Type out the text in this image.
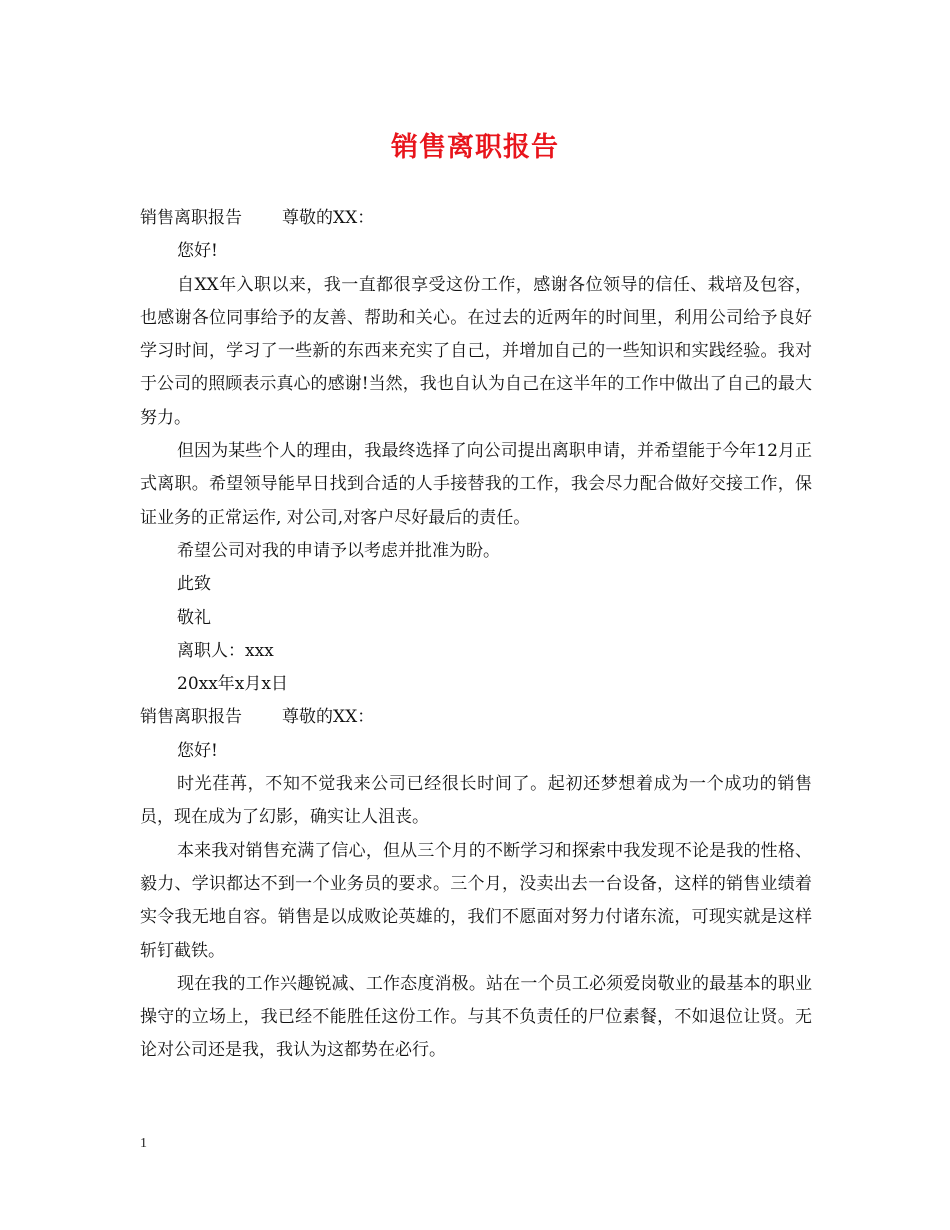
销售离职报告

销售离职报告 尊敬的XX：

您好!

自XX年入职以来，我一直都很享受这份工作，感谢各位领导的信任、栽培及包容，也感谢各位同事给予的友善、帮助和关心。在过去的近两年的时间里，利用公司给予良好学习时间，学习了一些新的东西来充实了自己，并增加自己的一些知识和实践经验。我对于公司的照顾表示真心的感谢!当然，我也自认为自己在这半年的工作中做出了自己的最大努力。

但因为某些个人的理由，我最终选择了向公司提出离职申请，并希望能于今年12月正式离职。希望领导能早日找到合适的人手接替我的工作，我会尽力配合做好交接工作，保证业务的正常运作, 对公司,对客户尽好最后的责任。

希望公司对我的申请予以考虑并批准为盼。

此致

敬礼

离职人：xxx

20xx年x月x日

销售离职报告 尊敬的XX：

您好!

时光荏苒，不知不觉我来公司已经很长时间了。起初还梦想着成为一个成功的销售员，现在成为了幻影，确实让人沮丧。

本来我对销售充满了信心，但从三个月的不断学习和探索中我发现不论是我的性格、毅力、学识都达不到一个业务员的要求。三个月，没卖出去一台设备，这样的销售业绩着实令我无地自容。销售是以成败论英雄的，我们不愿面对努力付诸东流，可现实就是这样斩钉截铁。

现在我的工作兴趣锐减、工作态度消极。站在一个员工必须爱岗敬业的最基本的职业操守的立场上，我已经不能胜任这份工作。与其不负责任的尸位素餐，不如退位让贤。无论对公司还是我，我认为这都势在必行。

1
